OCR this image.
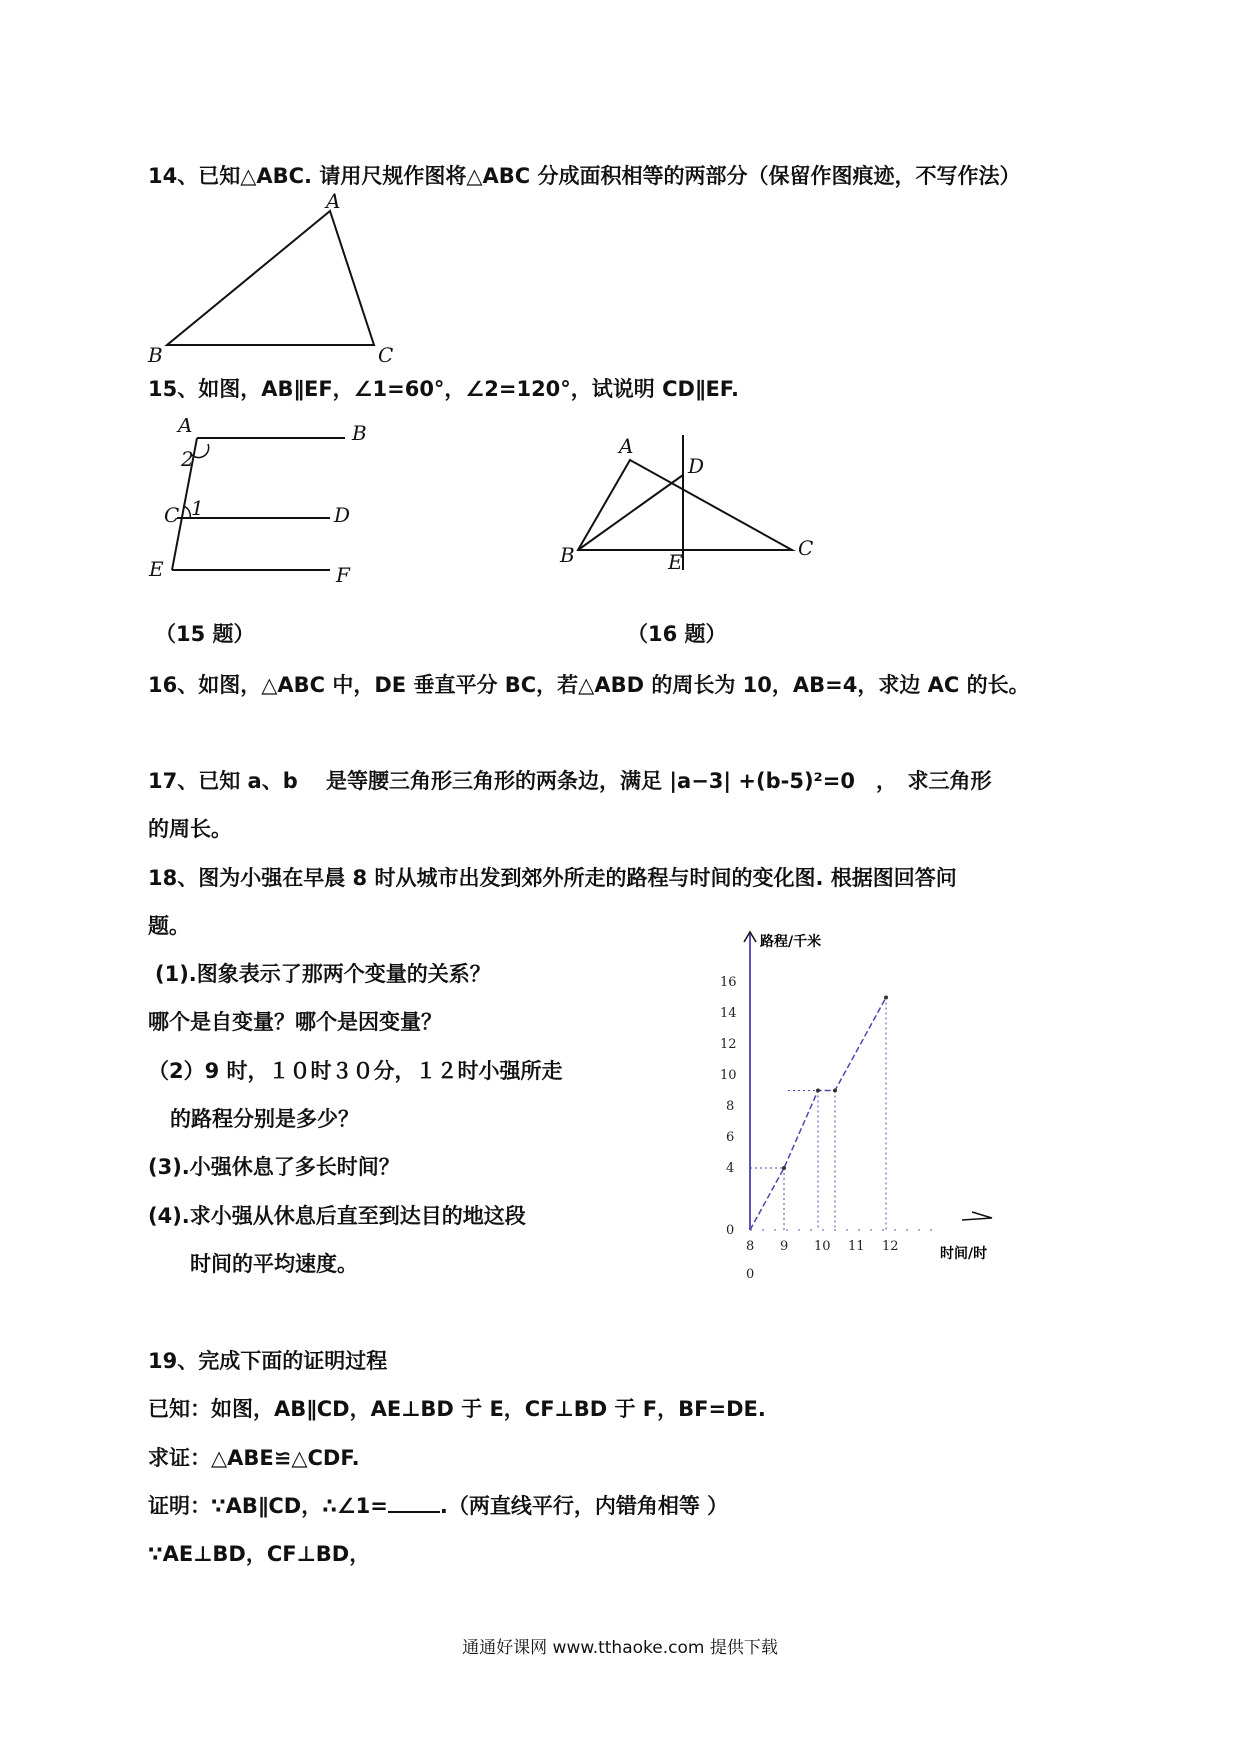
14、已知△ABC. 请用尺规作图将△ABC 分成面积相等的两部分（保留作图痕迹，不写作法）
A
B	C
15、如图，AB∥EF，∠1=60°，∠2=120°，试说明 CD∥EF.
A	B
C	D
E	F
2
1
A
B	C
D
E
（15 题）	（16 题）
16、如图，△ABC 中，DE 垂直平分 BC，若△ABD 的周长为 10，AB=4，求边 AC 的长。
17、已知 a、b　 是等腰三角形三角形的两条边，满足 |a−3| +(b-5)²=0　，　求三角形
的周长。
18、图为小强在早晨 8 时从城市出发到郊外所走的路程与时间的变化图. 根据图回答问
题。
(1).图象表示了那两个变量的关系？
哪个是自变量？哪个是因变量？
（2）9 时，１０时３０分，１２时小强所走
的路程分别是多少？
(3).小强休息了多长时间？
(4).求小强从休息后直至到达目的地这段
时间的平均速度。
路程/千米
时间/时
0
8 9 10 11 12
0
4
6
8
10
12
14
16
19、完成下面的证明过程
已知：如图，AB∥CD，AE⊥BD 于 E，CF⊥BD 于 F，BF=DE.
求证：△ABE≌△CDF.
证明：∵AB∥CD，∴∠1= .（两直线平行，内错角相等 ）
∵AE⊥BD，CF⊥BD，
通通好课网 www.tthaoke.com 提供下载
